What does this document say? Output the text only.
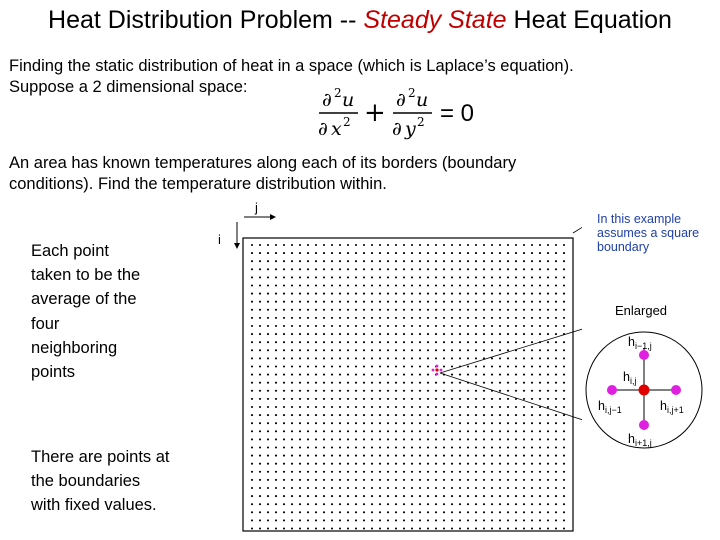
Heat Distribution Problem -- Steady State Heat Equation
Finding the static distribution of heat in a space (which is Laplace’s equation).
Suppose a 2 dimensional space:
∂ 2 u
∂ x 2 + ∂ 2 u
∂ y 2 = 0
An area has known temperatures along each of its borders (boundary
conditions). Find the temperature distribution within.
Each point
taken to be the
average of the
four
neighboring
points
There are points at
the boundaries
with fixed values.
j
i
In this example
assumes a square
boundary
Enlarged
$h_{i-1,j}$
$h_{i,j}$
$h_{i,j-1}$	$h_{i,j+1}$
$h_{i+1,j}$
